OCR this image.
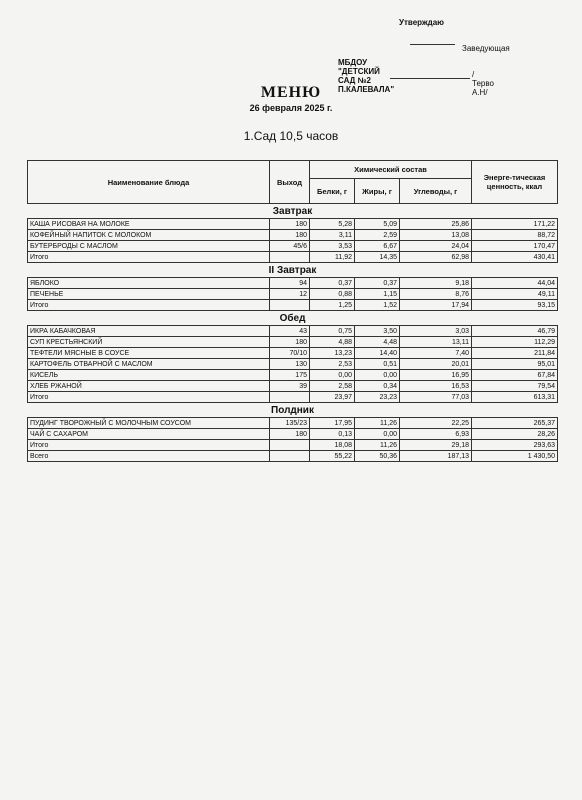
Утверждаю
Заведующая
МБДОУ "ДЕТСКИЙ САД №2 П.КАЛЕВАЛА"
/Терво А.Н/
МЕНЮ
26 февраля 2025 г.
1.Сад 10,5 часов
Наименование блюда	Выход	Химический состав			Энерге-тическая ценность, ккал
		Белки, г	Жиры, г	Углеводы, г	
Завтрак					
КАША РИСОВАЯ НА МОЛОКЕ	180	5,28	5,09	25,86	171,22
КОФЕЙНЫЙ НАПИТОК С МОЛОКОМ	180	3,11	2,59	13,08	88,72
БУТЕРБРОДЫ С МАСЛОМ	45/6	3,53	6,67	24,04	170,47
Итого		11,92	14,35	62,98	430,41
II Завтрак					
ЯБЛОКО	94	0,37	0,37	9,18	44,04
ПЕЧЕНЬЕ	12	0,88	1,15	8,76	49,11
Итого		1,25	1,52	17,94	93,15
Обед					
ИКРА КАБАЧКОВАЯ	43	0,75	3,50	3,03	46,79
СУП КРЕСТЬЯНСКИЙ	180	4,88	4,48	13,11	112,29
ТЕФТЕЛИ МЯСНЫЕ В СОУСЕ	70/10	13,23	14,40	7,40	211,84
КАРТОФЕЛЬ ОТВАРНОЙ С МАСЛОМ	130	2,53	0,51	20,01	95,01
КИСЕЛЬ	175	0,00	0,00	16,95	67,84
ХЛЕБ РЖАНОЙ	39	2,58	0,34	16,53	79,54
Итого		23,97	23,23	77,03	613,31
Полдник					
ПУДИНГ ТВОРОЖНЫЙ С МОЛОЧНЫМ СОУСОМ	135/23	17,95	11,26	22,25	265,37
ЧАЙ С САХАРОМ	180	0,13	0,00	6,93	28,26
Итого		18,08	11,26	29,18	293,63
Всего		55,22	50,36	187,13	1 430,50
